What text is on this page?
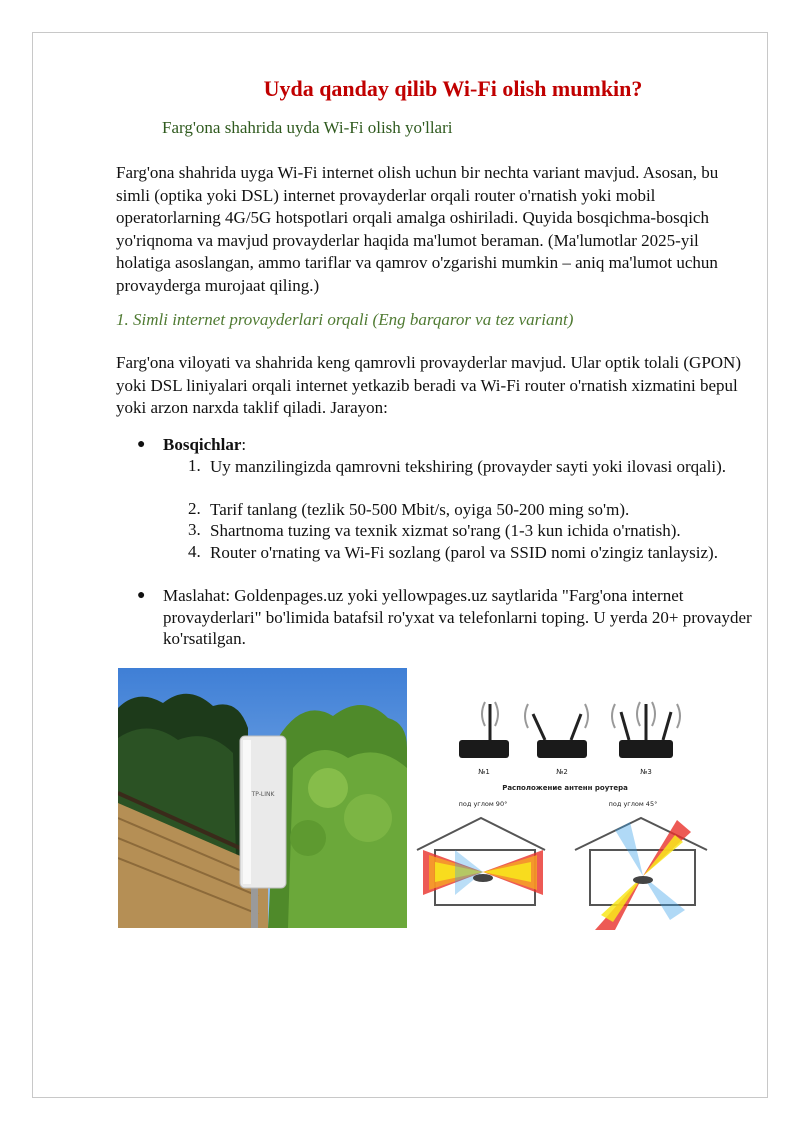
Uyda qanday qilib Wi-Fi olish mumkin?

Farg'ona shahrida uyda Wi-Fi olish yo'llari

Farg'ona shahrida uyga Wi-Fi internet olish uchun bir nechta variant mavjud. Asosan, bu simli (optika yoki DSL) internet provayderlar orqali router o'rnatish yoki mobil operatorlarning 4G/5G hotspotlari orqali amalga oshiriladi. Quyida bosqichma-bosqich yo'riqnoma va mavjud provayderlar haqida ma'lumot beraman. (Ma'lumotlar 2025-yil holatiga asoslangan, ammo tariflar va qamrov o'zgarishi mumkin – aniq ma'lumot uchun provayderga murojaat qiling.)

1. Simli internet provayderlari orqali (Eng barqaror va tez variant)

Farg'ona viloyati va shahrida keng qamrovli provayderlar mavjud. Ular optik tolali (GPON) yoki DSL liniyalari orqali internet yetkazib beradi va Wi-Fi router o'rnatish xizmatini bepul yoki arzon narxda taklif qiladi. Jarayon:

● Bosqichlar:

1. Uy manzilingizda qamrovni tekshiring (provayder sayti yoki ilovasi orqali).

2. Tarif tanlang (tezlik 50-500 Mbit/s, oyiga 50-200 ming so'm).

3. Shartnoma tuzing va texnik xizmat so'rang (1-3 kun ichida o'rnatish).

4. Router o'rnating va Wi-Fi sozlang (parol va SSID nomi o'zingiz tanlaysiz).

● Maslahat: Goldenpages.uz yoki yellowpages.uz saytlarida "Farg'ona internet provayderlari" bo'limida batafsil ro'yxat va telefonlarni toping. U yerda 20+ provayder ko'rsatilgan.

TP-LINK
№1	№2	№3
Расположение антенн роутера
под углом 90°	под углом 45°
